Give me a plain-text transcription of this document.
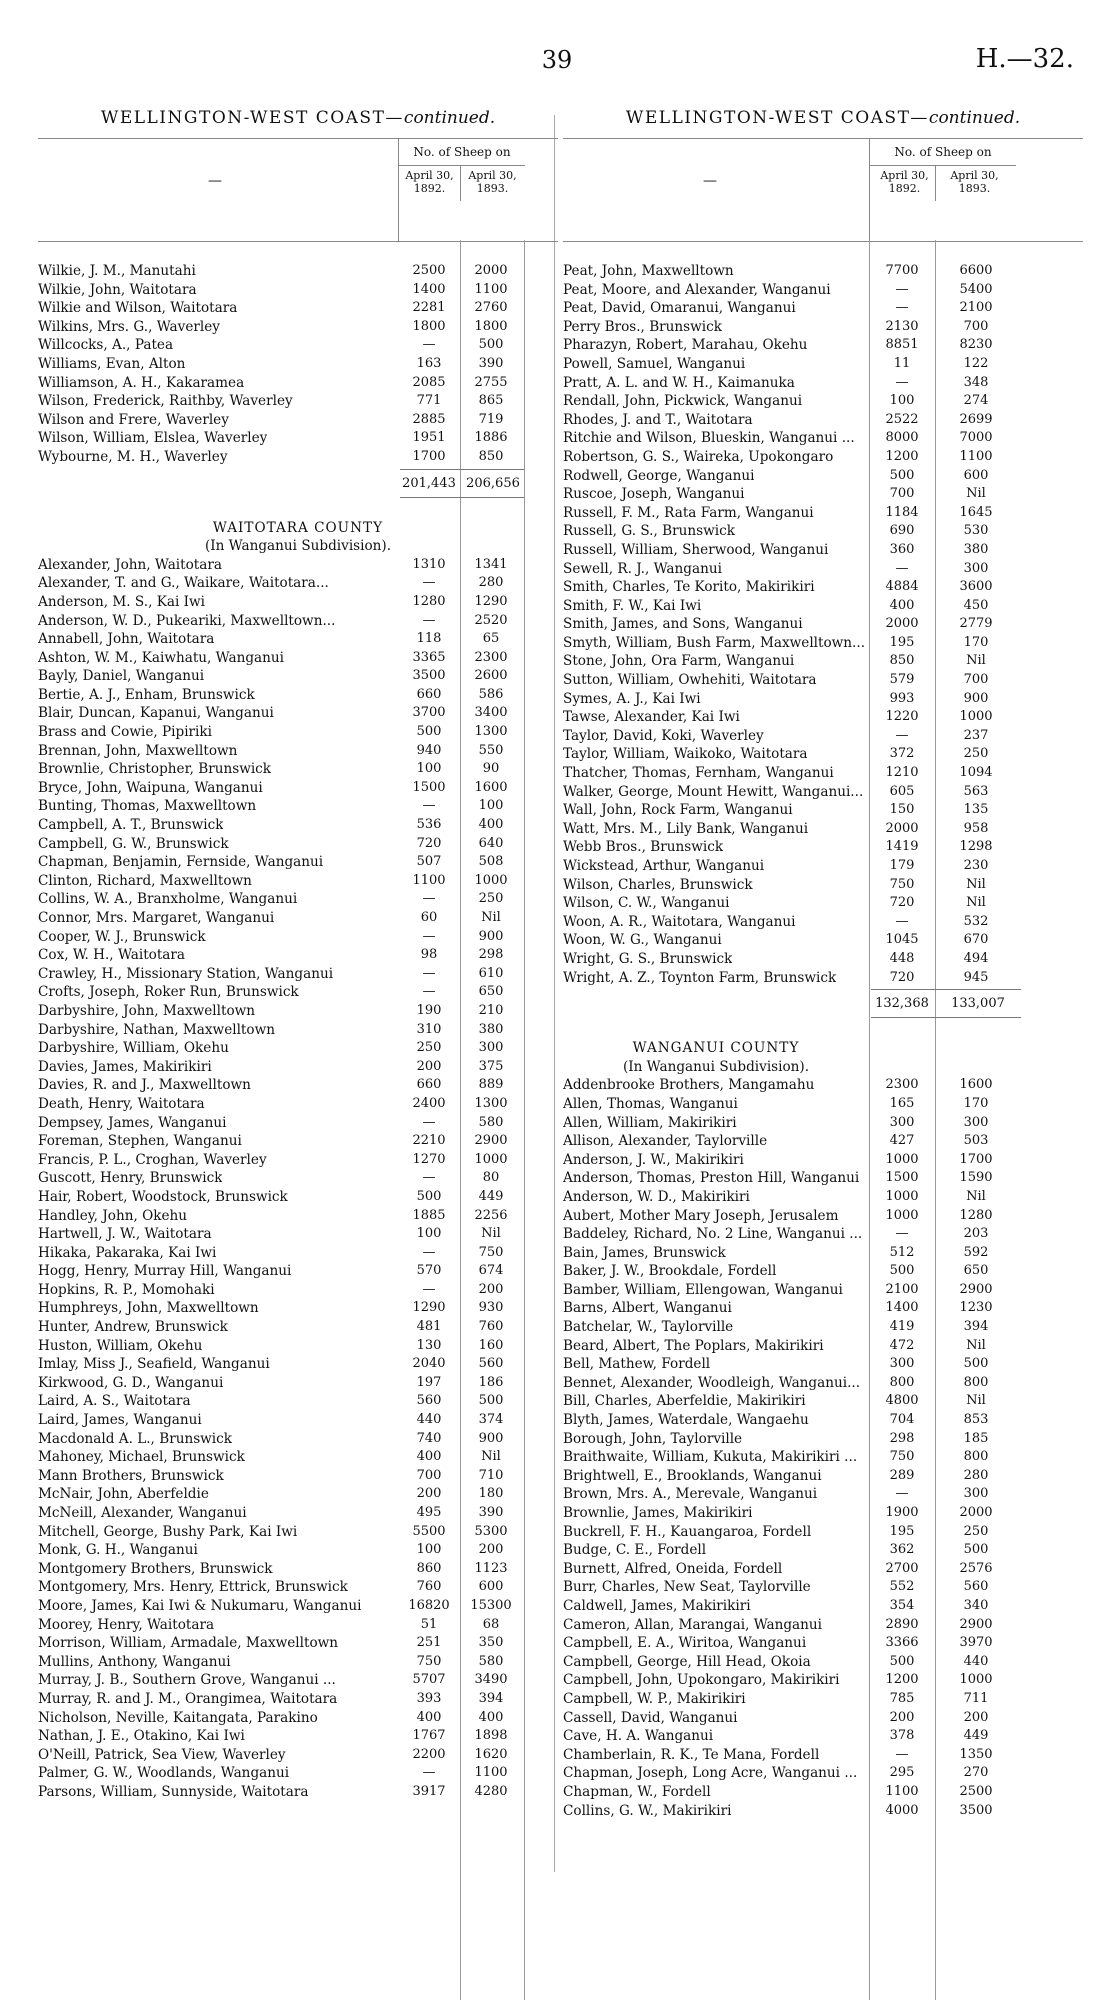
39	H.—32.
WELLINGTON-WEST COAST—continued.
—
No. of Sheep on
April 30, 1892.
April 30, 1893.
Wilkie, J. M., Manutahi	2500	2000
Wilkie, John, Waitotara	1400	1100
Wilkie and Wilson, Waitotara	2281	2760
Wilkins, Mrs. G., Waverley	1800	1800
Willcocks, A., Patea	—	500
Williams, Evan, Alton	163	390
Williamson, A. H., Kakaramea	2085	2755
Wilson, Frederick, Raithby, Waverley	771	865
Wilson and Frere, Waverley	2885	719
Wilson, William, Elslea, Waverley	1951	1886
Wybourne, M. H., Waverley	1700	850
201,443 206,656
WAITOTARA COUNTY
(In Wanganui Subdivision).
Alexander, John, Waitotara	1310	1341
Alexander, T. and G., Waikare, Waitotara...	—	280
Anderson, M. S., Kai Iwi	1280	1290
Anderson, W. D., Pukeariki, Maxwelltown...	—	2520
Annabell, John, Waitotara	118	65
Ashton, W. M., Kaiwhatu, Wanganui	3365	2300
Bayly, Daniel, Wanganui	3500	2600
Bertie, A. J., Enham, Brunswick	660	586
Blair, Duncan, Kapanui, Wanganui	3700	3400
Brass and Cowie, Pipiriki	500	1300
Brennan, John, Maxwelltown	940	550
Brownlie, Christopher, Brunswick	100	90
Bryce, John, Waipuna, Wanganui	1500	1600
Bunting, Thomas, Maxwelltown	—	100
Campbell, A. T., Brunswick	536	400
Campbell, G. W., Brunswick	720	640
Chapman, Benjamin, Fernside, Wanganui	507	508
Clinton, Richard, Maxwelltown	1100	1000
Collins, W. A., Branxholme, Wanganui	—	250
Connor, Mrs. Margaret, Wanganui	60	Nil
Cooper, W. J., Brunswick	—	900
Cox, W. H., Waitotara	98	298
Crawley, H., Missionary Station, Wanganui	—	610
Crofts, Joseph, Roker Run, Brunswick	—	650
Darbyshire, John, Maxwelltown	190	210
Darbyshire, Nathan, Maxwelltown	310	380
Darbyshire, William, Okehu	250	300
Davies, James, Makirikiri	200	375
Davies, R. and J., Maxwelltown	660	889
Death, Henry, Waitotara	2400	1300
Dempsey, James, Wanganui	—	580
Foreman, Stephen, Wanganui	2210	2900
Francis, P. L., Croghan, Waverley	1270	1000
Guscott, Henry, Brunswick	—	80
Hair, Robert, Woodstock, Brunswick	500	449
Handley, John, Okehu	1885	2256
Hartwell, J. W., Waitotara	100	Nil
Hikaka, Pakaraka, Kai Iwi	—	750
Hogg, Henry, Murray Hill, Wanganui	570	674
Hopkins, R. P., Momohaki	—	200
Humphreys, John, Maxwelltown	1290	930
Hunter, Andrew, Brunswick	481	760
Huston, William, Okehu	130	160
Imlay, Miss J., Seafield, Wanganui	2040	560
Kirkwood, G. D., Wanganui	197	186
Laird, A. S., Waitotara	560	500
Laird, James, Wanganui	440	374
Macdonald A. L., Brunswick	740	900
Mahoney, Michael, Brunswick	400	Nil
Mann Brothers, Brunswick	700	710
McNair, John, Aberfeldie	200	180
McNeill, Alexander, Wanganui	495	390
Mitchell, George, Bushy Park, Kai Iwi	5500	5300
Monk, G. H., Wanganui	100	200
Montgomery Brothers, Brunswick	860	1123
Montgomery, Mrs. Henry, Ettrick, Brunswick	760	600
Moore, James, Kai Iwi & Nukumaru, Wanganui	16820	15300
Moorey, Henry, Waitotara	51	68
Morrison, William, Armadale, Maxwelltown	251	350
Mullins, Anthony, Wanganui	750	580
Murray, J. B., Southern Grove, Wanganui ...	5707	3490
Murray, R. and J. M., Orangimea, Waitotara	393	394
Nicholson, Neville, Kaitangata, Parakino	400	400
Nathan, J. E., Otakino, Kai Iwi	1767	1898
O'Neill, Patrick, Sea View, Waverley	2200	1620
Palmer, G. W., Woodlands, Wanganui	—	1100
Parsons, William, Sunnyside, Waitotara	3917	4280
WELLINGTON-WEST COAST—continued.
—
No. of Sheep on
April 30, 1892.
April 30, 1893.
Peat, John, Maxwelltown	7700	6600
Peat, Moore, and Alexander, Wanganui	—	5400
Peat, David, Omaranui, Wanganui	—	2100
Perry Bros., Brunswick	2130	700
Pharazyn, Robert, Marahau, Okehu	8851	8230
Powell, Samuel, Wanganui	11	122
Pratt, A. L. and W. H., Kaimanuka	—	348
Rendall, John, Pickwick, Wanganui	100	274
Rhodes, J. and T., Waitotara	2522	2699
Ritchie and Wilson, Blueskin, Wanganui ...	8000	7000
Robertson, G. S., Waireka, Upokongaro	1200	1100
Rodwell, George, Wanganui	500	600
Ruscoe, Joseph, Wanganui	700	Nil
Russell, F. M., Rata Farm, Wanganui	1184	1645
Russell, G. S., Brunswick	690	530
Russell, William, Sherwood, Wanganui	360	380
Sewell, R. J., Wanganui	—	300
Smith, Charles, Te Korito, Makirikiri	4884	3600
Smith, F. W., Kai Iwi	400	450
Smith, James, and Sons, Wanganui	2000	2779
Smyth, William, Bush Farm, Maxwelltown...	195	170
Stone, John, Ora Farm, Wanganui	850	Nil
Sutton, William, Owhehiti, Waitotara	579	700
Symes, A. J., Kai Iwi	993	900
Tawse, Alexander, Kai Iwi	1220	1000
Taylor, David, Koki, Waverley	—	237
Taylor, William, Waikoko, Waitotara	372	250
Thatcher, Thomas, Fernham, Wanganui	1210	1094
Walker, George, Mount Hewitt, Wanganui...	605	563
Wall, John, Rock Farm, Wanganui	150	135
Watt, Mrs. M., Lily Bank, Wanganui	2000	958
Webb Bros., Brunswick	1419	1298
Wickstead, Arthur, Wanganui	179	230
Wilson, Charles, Brunswick	750	Nil
Wilson, C. W., Wanganui	720	Nil
Woon, A. R., Waitotara, Wanganui	—	532
Woon, W. G., Wanganui	1045	670
Wright, G. S., Brunswick	448	494
Wright, A. Z., Toynton Farm, Brunswick	720	945
132,368	133,007
WANGANUI COUNTY
(In Wanganui Subdivision).
Addenbrooke Brothers, Mangamahu	2300	1600
Allen, Thomas, Wanganui	165	170
Allen, William, Makirikiri	300	300
Allison, Alexander, Taylorville	427	503
Anderson, J. W., Makirikiri	1000	1700
Anderson, Thomas, Preston Hill, Wanganui	1500	1590
Anderson, W. D., Makirikiri	1000	Nil
Aubert, Mother Mary Joseph, Jerusalem	1000	1280
Baddeley, Richard, No. 2 Line, Wanganui ...	—	203
Bain, James, Brunswick	512	592
Baker, J. W., Brookdale, Fordell	500	650
Bamber, William, Ellengowan, Wanganui	2100	2900
Barns, Albert, Wanganui	1400	1230
Batchelar, W., Taylorville	419	394
Beard, Albert, The Poplars, Makirikiri	472	Nil
Bell, Mathew, Fordell	300	500
Bennet, Alexander, Woodleigh, Wanganui...	800	800
Bill, Charles, Aberfeldie, Makirikiri	4800	Nil
Blyth, James, Waterdale, Wangaehu	704	853
Borough, John, Taylorville	298	185
Braithwaite, William, Kukuta, Makirikiri ...	750	800
Brightwell, E., Brooklands, Wanganui	289	280
Brown, Mrs. A., Merevale, Wanganui	—	300
Brownlie, James, Makirikiri	1900	2000
Buckrell, F. H., Kauangaroa, Fordell	195	250
Budge, C. E., Fordell	362	500
Burnett, Alfred, Oneida, Fordell	2700	2576
Burr, Charles, New Seat, Taylorville	552	560
Caldwell, James, Makirikiri	354	340
Cameron, Allan, Marangai, Wanganui	2890	2900
Campbell, E. A., Wiritoa, Wanganui	3366	3970
Campbell, George, Hill Head, Okoia	500	440
Campbell, John, Upokongaro, Makirikiri	1200	1000
Campbell, W. P., Makirikiri	785	711
Cassell, David, Wanganui	200	200
Cave, H. A. Wanganui	378	449
Chamberlain, R. K., Te Mana, Fordell	—	1350
Chapman, Joseph, Long Acre, Wanganui ...	295	270
Chapman, W., Fordell	1100	2500
Collins, G. W., Makirikiri	4000	3500
